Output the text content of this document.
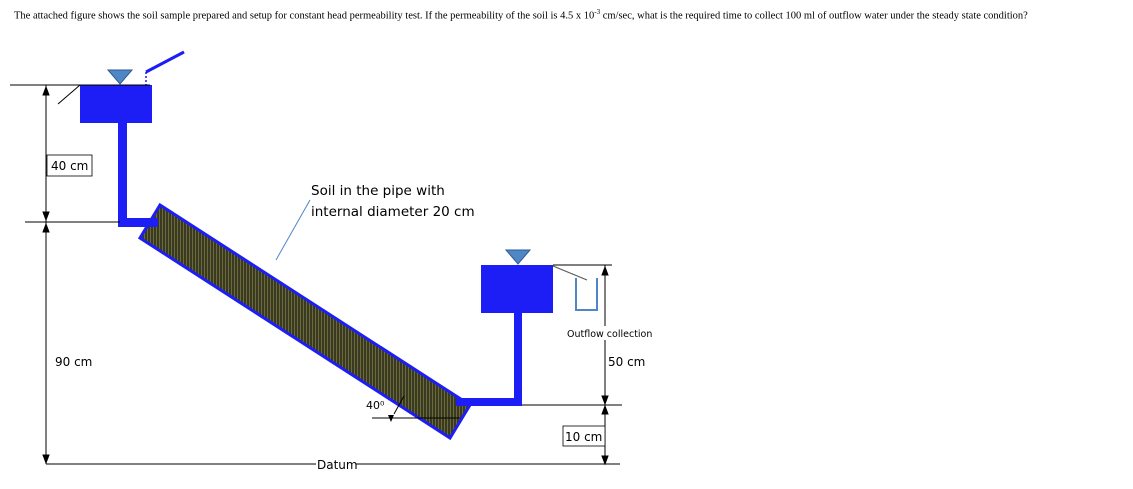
The attached figure shows the soil sample prepared and setup for constant head permeability test. If the permeability of the soil is 4.5 x $10^{-3}$ cm/sec, what is the required time to collect 100 ml of outflow water under the steady state condition?
40 cm
90 cm
Soil in the pipe with
internal diameter 20 cm
40⁰
Datum
Outflow collection
50 cm
10 cm
